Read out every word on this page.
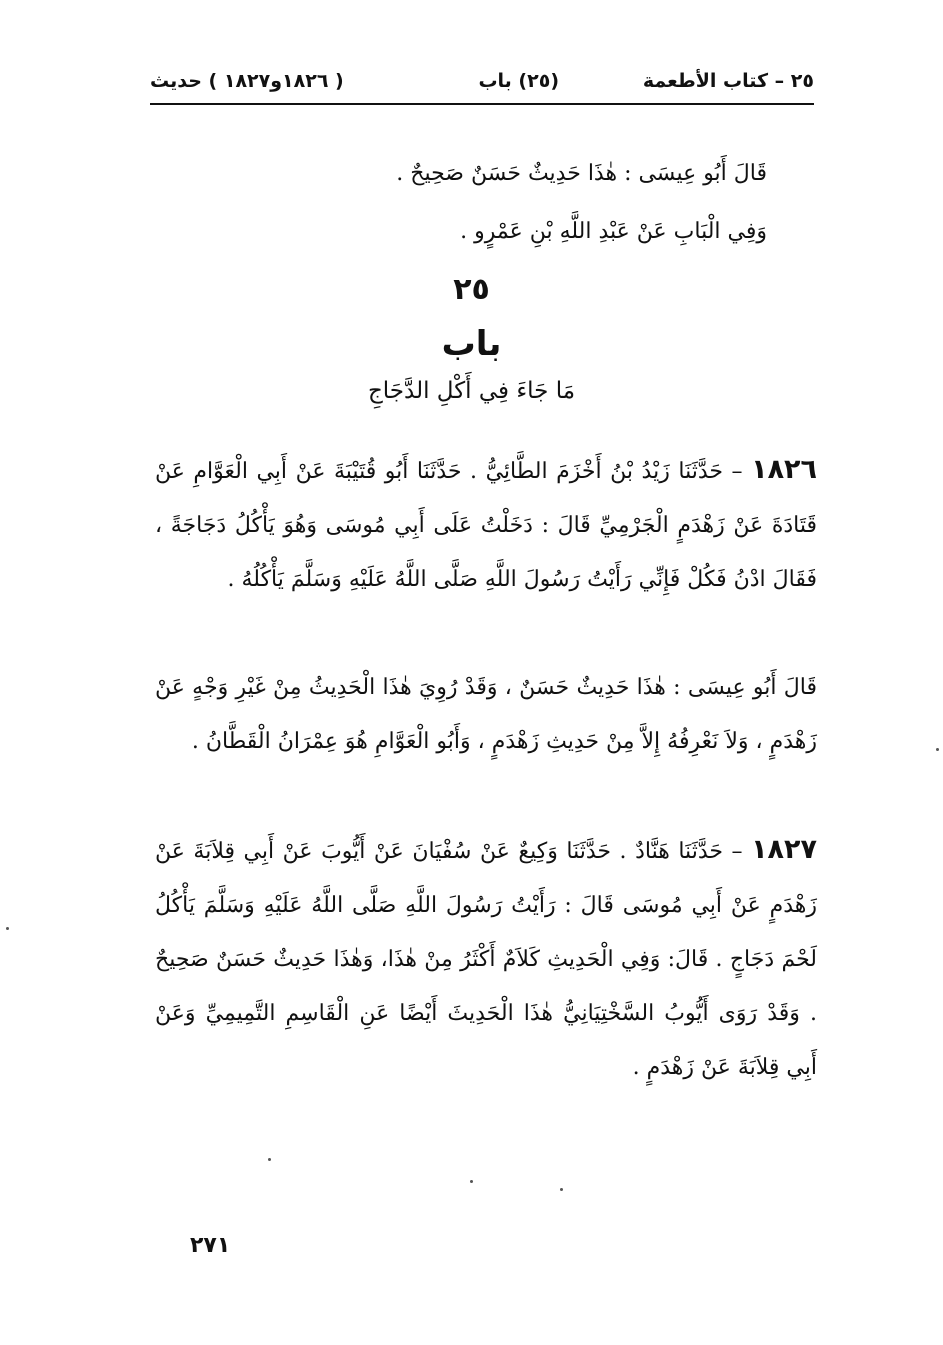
٢٥ – كتاب الأطعمة
(٢٥) باب
( ١٨٢٦و١٨٢٧ ) حديث
قَالَ أَبُو عِيسَى : هٰذَا حَدِيثٌ حَسَنٌ صَحِيحٌ .
وَفِي الْبَابِ عَنْ عَبْدِ اللَّهِ بْنِ عَمْرٍو .
٢٥
باب
مَا جَاءَ فِي أَكْلِ الدَّجَاجِ
١٨٢٦ – حَدَّثَنَا زَيْدُ بْنُ أَخْزَمَ الطَّائِيُّ . حَدَّثَنَا أَبُو قُتَيْبَةَ عَنْ أَبِي الْعَوَّامِ عَنْ قَتَادَةَ عَنْ زَهْدَمٍ الْجَرْمِيِّ قَالَ : دَخَلْتُ عَلَى أَبِي مُوسَى وَهُوَ يَأْكُلُ دَجَاجَةً ، فَقَالَ ادْنُ فَكُلْ فَإِنِّي رَأَيْتُ رَسُولَ اللَّهِ صَلَّى اللَّهُ عَلَيْهِ وَسَلَّمَ يَأْكُلُهُ .
قَالَ أَبُو عِيسَى : هٰذَا حَدِيثٌ حَسَنٌ ، وَقَدْ رُوِيَ هٰذَا الْحَدِيثُ مِنْ غَيْرِ وَجْهٍ عَنْ زَهْدَمٍ ، وَلاَ نَعْرِفُهُ إِلاَّ مِنْ حَدِيثِ زَهْدَمٍ ، وَأَبُو الْعَوَّامِ هُوَ عِمْرَانُ الْقَطَّانُ .
١٨٢٧ – حَدَّثَنَا هَنَّادٌ . حَدَّثَنَا وَكِيعٌ عَنْ سُفْيَانَ عَنْ أَيُّوبَ عَنْ أَبِي قِلاَبَةَ عَنْ زَهْدَمٍ عَنْ أَبِي مُوسَى قَالَ : رَأَيْتُ رَسُولَ اللَّهِ صَلَّى اللَّهُ عَلَيْهِ وَسَلَّمَ يَأْكُلُ لَحْمَ دَجَاجٍ . قَالَ: وَفِي الْحَدِيثِ كَلاَمٌ أَكْثَرُ مِنْ هٰذَا، وَهٰذَا حَدِيثٌ حَسَنٌ صَحِيحٌ . وَقَدْ رَوَى أَيُّوبُ السَّخْتِيَانِيُّ هٰذَا الْحَدِيثَ أَيْضًا عَنِ الْقَاسِمِ التَّمِيمِيِّ وَعَنْ أَبِي قِلاَبَةَ عَنْ زَهْدَمٍ .
٢٧١
